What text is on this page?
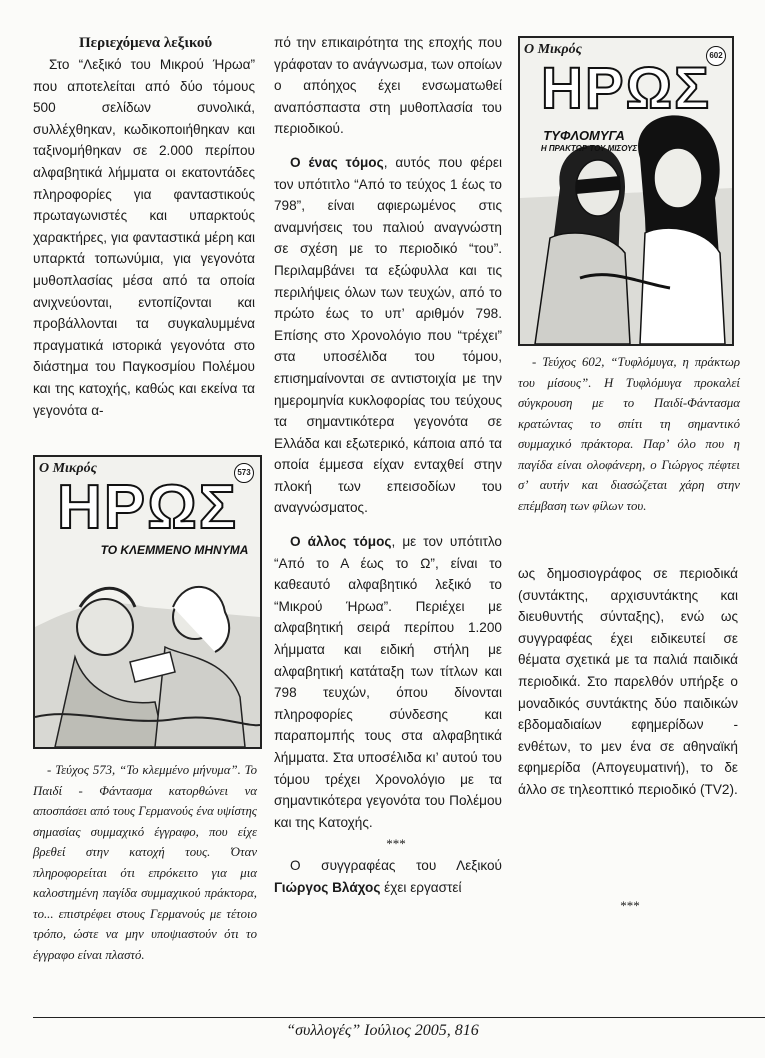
Περιεχόμενα λεξικού

Στο “Λεξικό του Μικρού Ήρωα” που αποτελείται από δύο τόμους 500 σελίδων συνολικά, συλλέχθηκαν, κωδικοποιήθηκαν και ταξινομήθηκαν σε 2.000 περίπου αλφαβητικά λήμματα οι εκατοντάδες πληροφορίες για φανταστικούς πρωταγωνιστές και υπαρκτούς χαρακτήρες, για φανταστικά μέρη και υπαρκτά τοπωνύμια, για γεγονότα μυθοπλασίας μέσα από τα οποία ανιχνεύονται, εντοπίζονται και προβάλλονται τα συγκαλυμμένα πραγματικά ιστορικά γεγονότα στο διάστημα του Παγκοσμίου Πολέμου και της κατοχής, καθώς και εκείνα τα γεγονότα α-

Ο Μικρός	573
ΗΡΩΣ
ΤΟ ΚΛΕΜΜΕΝΟ ΜΗΝΥΜΑ

- Τεύχος 573, “Το κλεμμένο μήνυμα”. Το Παιδί - Φάντασμα κατορθώνει να αποσπάσει από τους Γερμανούς ένα υψίστης σημασίας συμμαχικό έγγραφο, που είχε βρεθεί στην κατοχή τους. Όταν πληροφορείται ότι επρόκειτο για μια καλοστημένη παγίδα συμμαχικού πράκτορα, το... επιστρέφει στους Γερμανούς με τέτοιο τρόπο, ώστε να μην υποψιαστούν ότι το έγγραφο είναι πλαστό.

πό την επικαιρότητα της εποχής που γράφοταν το ανάγνωσμα, των οποίων ο απόηχος έχει ενσωματωθεί αναπόσπαστα στη μυθοπλασία του περιοδικού.

Ο ένας τόμος, αυτός που φέρει τον υπότιτλο “Από το τεύχος 1 έως το 798”, είναι αφιερωμένος στις αναμνήσεις του παλιού αναγνώστη σε σχέση με το περιοδικό “του”. Περιλαμβάνει τα εξώφυλλα και τις περιλήψεις όλων των τευχών, από το πρώτο έως το υπ’ αριθμόν 798. Επίσης στο Χρονολόγιο που “τρέχει” στα υποσέλιδα του τόμου, επισημαίνονται σε αντιστοιχία με την ημερομηνία κυκλοφορίας του τεύχους τα σημαντικότερα γεγονότα σε Ελλάδα και εξωτερικό, κάποια από τα οποία έμμεσα είχαν ενταχθεί στην πλοκή των επεισοδίων του αναγνώσματος.

Ο άλλος τόμος, με τον υπότιτλο “Από το Α έως το Ω”, είναι το καθεαυτό αλφαβητικό λεξικό το “Μικρού Ήρωα”. Περιέχει με αλφαβητική σειρά περίπου 1.200 λήμματα και ειδική στήλη με αλφαβητική κατάταξη των τίτλων και 798 τευχών, όπου δίνονται πληροφορίες σύνδεσης και παραπομπής τους στα αλφαβητικά λήμματα. Στα υποσέλιδα κι’ αυτού του τόμου τρέχει Χρονολόγιο με τα σημαντικότερα γεγονότα του Πολέμου και της Κατοχής.

***

Ο συγγραφέας του Λεξικού Γιώργος Βλάχος έχει εργαστεί

Ο Μικρός	602
ΗΡΩΣ
ΤΥΦΛΟΜΥΓΑ
Η ΠΡΑΚΤΩΡ ΤΟΥ ΜΙΣΟΥΣ

- Τεύχος 602, “Τυφλόμυγα, η πράκτωρ του μίσους”. Η Τυφλόμυγα προκαλεί σύγκρουση με το Παιδί-Φάντασμα κρατώντας το σπίτι τη σημαντικό συμμαχικό πράκτορα. Παρ’ όλο που η παγίδα είναι ολοφάνερη, ο Γιώργος πέφτει σ’ αυτήν και διασώζεται χάρη στην επέμβαση των φίλων του.

ως δημοσιογράφος σε περιοδικά (συντάκτης, αρχισυντάκτης και διευθυντής σύνταξης), ενώ ως συγγραφέας έχει ειδικευτεί σε θέματα σχετικά με τα παλιά παιδικά περιοδικά. Στο παρελθόν υπήρξε ο μοναδικός συντάκτης δύο παιδικών εβδομαδιαίων εφημερίδων - ενθέτων, το μεν ένα σε αθηναϊκή εφημερίδα (Απογευματινή), το δε άλλο σε τηλεοπτικό περιοδικό (TV2).

***
“συλλογές” Ιούλιος 2005, 816
